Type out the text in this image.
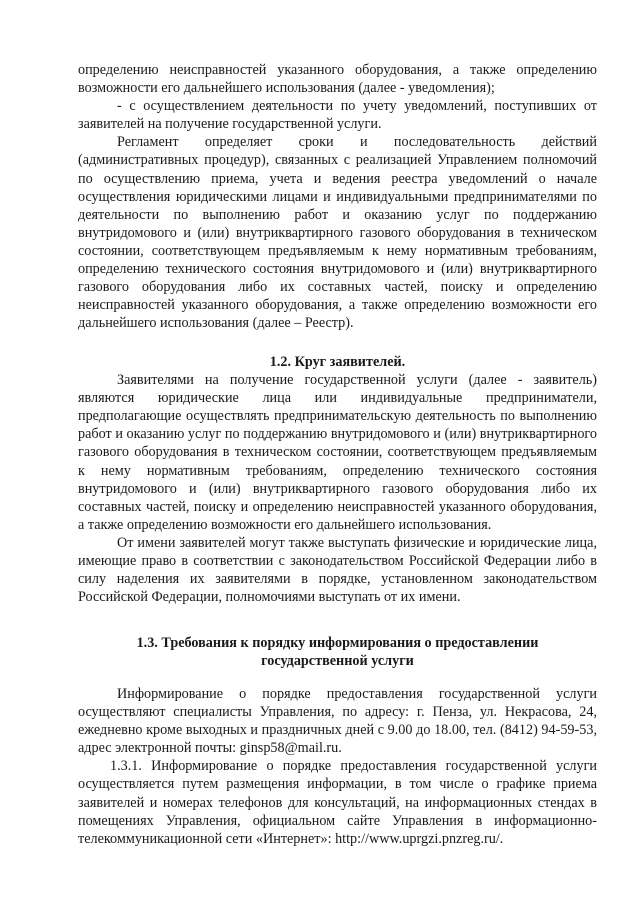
определению неисправностей указанного оборудования, а также определению возможности его дальнейшего использования (далее - уведомления);

- с осуществлением деятельности по учету уведомлений, поступивших от заявителей на получение государственной услуги.

Регламент определяет сроки и последовательность действий (административных процедур), связанных с реализацией Управлением полномочий по осуществлению приема, учета и ведения реестра уведомлений о начале осуществления юридическими лицами и индивидуальными предпринимателями по деятельности по выполнению работ и оказанию услуг по поддержанию внутридомового и (или) внутриквартирного газового оборудования в техническом состоянии, соответствующем предъявляемым к нему нормативным требованиям, определению технического состояния внутридомового и (или) внутриквартирного газового оборудования либо их составных частей, поиску и определению неисправностей указанного оборудования, а также определению возможности его дальнейшего использования (далее – Реестр).

1.2. Круг заявителей.

Заявителями на получение государственной услуги (далее - заявитель) являются юридические лица или индивидуальные предприниматели, предполагающие осуществлять предпринимательскую деятельность по выполнению работ и оказанию услуг по поддержанию внутридомового и (или) внутриквартирного газового оборудования в техническом состоянии, соответствующем предъявляемым к нему нормативным требованиям, определению технического состояния внутридомового и (или) внутриквартирного газового оборудования либо их составных частей, поиску и определению неисправностей указанного оборудования, а также определению возможности его дальнейшего использования.

От имени заявителей могут также выступать физические и юридические лица, имеющие право в соответствии с законодательством Российской Федерации либо в силу наделения их заявителями в порядке, установленном законодательством Российской Федерации, полномочиями выступать от их имени.

1.3. Требования к порядку информирования о предоставлении

государственной услуги

Информирование о порядке предоставления государственной услуги осуществляют специалисты Управления, по адресу: г. Пенза, ул. Некрасова, 24, ежедневно кроме выходных и праздничных дней с 9.00 до 18.00, тел. (8412) 94-59-53, адрес электронной почты: ginsp58@mail.ru.

1.3.1. Информирование о порядке предоставления государственной услуги осуществляется путем размещения информации, в том числе о графике приема заявителей и номерах телефонов для консультаций, на информационных стендах в помещениях Управления, официальном сайте Управления в информационно-телекоммуникационной сети «Интернет»: http://www.uprgzi.pnzreg.ru/.
